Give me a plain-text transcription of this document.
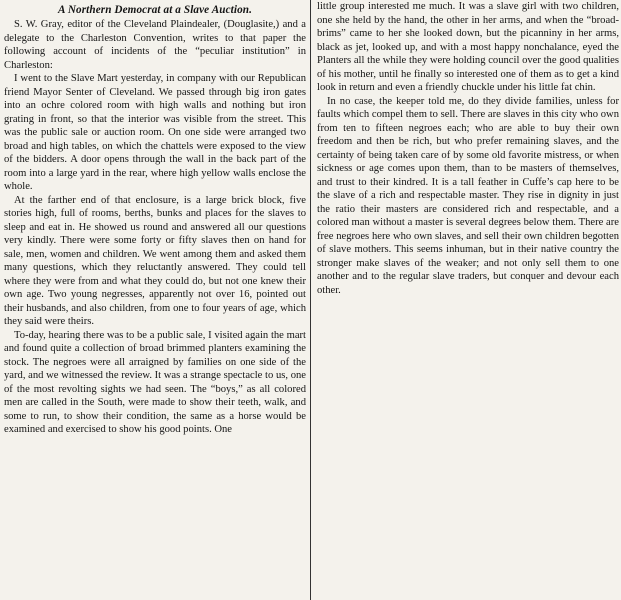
A Northern Democrat at a Slave Auction.

S. W. Gray, editor of the Cleveland Plaindealer, (Douglasite,) and a delegate to the Charleston Convention, writes to that paper the following account of incidents of the “peculiar institution” in Charleston:

I went to the Slave Mart yesterday, in company with our Republican friend Mayor Senter of Cleveland. We passed through big iron gates into an ochre colored room with high walls and nothing but iron grating in front, so that the interior was visible from the street. This was the public sale or auction room. On one side were arranged two broad and high tables, on which the chattels were exposed to the view of the bidders. A door opens through the wall in the back part of the room into a large yard in the rear, where high yellow walls enclose the whole.

At the farther end of that enclosure, is a large brick block, five stories high, full of rooms, berths, bunks and places for the slaves to sleep and eat in. He showed us round and answered all our questions very kindly. There were some forty or fifty slaves then on hand for sale, men, women and children. We went among them and asked them many questions, which they reluctantly answered. They could tell where they were from and what they could do, but not one knew their own age. Two young negresses, apparently not over 16, pointed out their husbands, and also children, from one to four years of age, which they said were theirs.

To-day, hearing there was to be a public sale, I visited again the mart and found quite a collection of broad brimmed planters examining the stock. The negroes were all arraigned by families on one side of the yard, and we witnessed the review. It was a strange spectacle to us, one of the most revolting sights we had seen. The “boys,” as all colored men are called in the South, were made to show their teeth, walk, and some to run, to show their condition, the same as a horse would be examined and exercised to show his good points. One

little group interested me much. It was a slave girl with two children, one she held by the hand, the other in her arms, and when the “broad-brims” came to her she looked down, but the picanniny in her arms, black as jet, looked up, and with a most happy nonchalance, eyed the Planters all the while they were holding council over the good qualities of his mother, until he finally so interested one of them as to get a kind look in return and even a friendly chuckle under his little fat chin.

In no case, the keeper told me, do they divide families, unless for faults which compel them to sell. There are slaves in this city who own from ten to fifteen negroes each; who are able to buy their own freedom and then be rich, but who prefer remaining slaves, and the certainty of being taken care of by some old favorite mistress, or when sickness or age comes upon them, than to be masters of themselves, and trust to their kindred. It is a tall feather in Cuffe’s cap here to be the slave of a rich and respectable master. They rise in dignity in just the ratio their masters are considered rich and respectable, and a colored man without a master is several degrees below them. There are free negroes here who own slaves, and sell their own children begotten of slave mothers. This seems inhuman, but in their native country the stronger make slaves of the weaker; and not only sell them to one another and to the regular slave traders, but conquer and devour each other.
